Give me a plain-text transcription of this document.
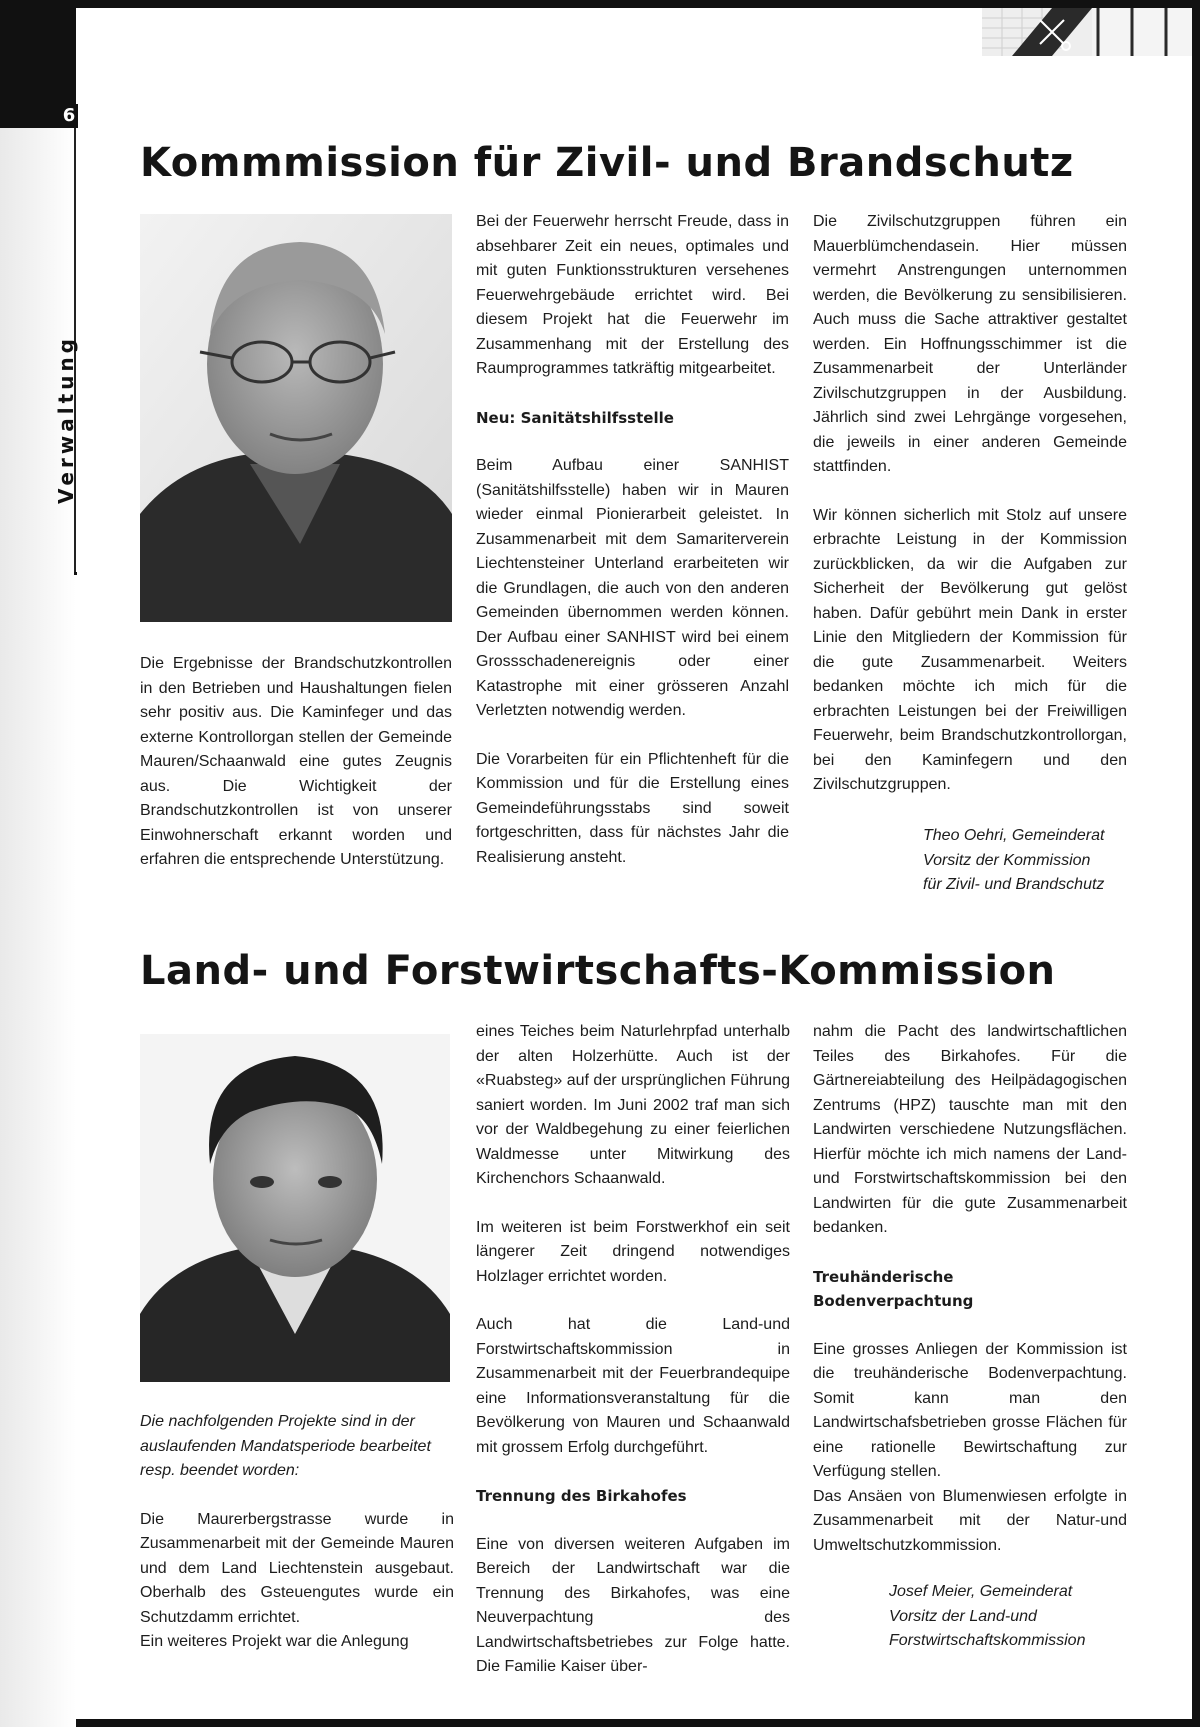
6
Verwaltung
Kommmission für Zivil- und Brandschutz

Die Ergebnisse der Brandschutzkontrollen in den Betrieben und Haushaltungen fielen sehr positiv aus. Die Kaminfeger und das externe Kontrollorgan stellen der Gemeinde Mauren/Schaanwald eine gutes Zeugnis aus. Die Wichtigkeit der Brandschutzkontrollen ist von unserer Einwohnerschaft erkannt worden und erfahren die entsprechende Unterstützung.

Bei der Feuerwehr herrscht Freude, dass in absehbarer Zeit ein neues, optimales und mit guten Funktionsstrukturen versehenes Feuerwehrgebäude errichtet wird. Bei diesem Projekt hat die Feuerwehr im Zusammenhang mit der Erstellung des Raumprogrammes tatkräftig mitgearbeitet.

Neu: Sanitätshilfsstelle

Beim Aufbau einer SANHIST (Sanitätshilfsstelle) haben wir in Mauren wieder einmal Pionierarbeit geleistet. In Zusammenarbeit mit dem Samariterverein Liechtensteiner Unterland erarbeiteten wir die Grundlagen, die auch von den anderen Gemeinden übernommen werden können. Der Aufbau einer SANHIST wird bei einem Grossschadenereignis oder einer Katastrophe mit einer grösseren Anzahl Verletzten notwendig werden.

Die Vorarbeiten für ein Pflichtenheft für die Kommission und für die Erstellung eines Gemeindeführungsstabs sind soweit fortgeschritten, dass für nächstes Jahr die Realisierung ansteht.

Die Zivilschutzgruppen führen ein Mauerblümchendasein. Hier müssen vermehrt Anstrengungen unternommen werden, die Bevölkerung zu sensibilisieren. Auch muss die Sache attraktiver gestaltet werden. Ein Hoffnungsschimmer ist die Zusammenarbeit der Unterländer Zivilschutzgruppen in der Ausbildung. Jährlich sind zwei Lehrgänge vorgesehen, die jeweils in einer anderen Gemeinde stattfinden.

Wir können sicherlich mit Stolz auf unsere erbrachte Leistung in der Kommission zurückblicken, da wir die Aufgaben zur Sicherheit der Bevölkerung gut gelöst haben. Dafür gebührt mein Dank in erster Linie den Mitgliedern der Kommission für die gute Zusammenarbeit. Weiters bedanken möchte ich mich für die erbrachten Leistungen bei der Freiwilligen Feuerwehr, beim Brandschutzkontrollorgan, bei den Kaminfegern und den Zivilschutzgruppen.

Theo Oehri, Gemeinderat
Vorsitz der Kommission
für Zivil- und Brandschutz
Land- und Forstwirtschafts-Kommission

Die nachfolgenden Projekte sind in der auslaufenden Mandatsperiode bearbeitet resp. beendet worden:

Die Maurerbergstrasse wurde in Zusammenarbeit mit der Gemeinde Mauren und dem Land Liechtenstein ausgebaut. Oberhalb des Gsteuengutes wurde ein Schutzdamm errichtet.

Ein weiteres Projekt war die Anlegung

eines Teiches beim Naturlehrpfad unterhalb der alten Holzerhütte. Auch ist der «Ruabsteg» auf der ursprünglichen Führung saniert worden. Im Juni 2002 traf man sich vor der Waldbegehung zu einer feierlichen Waldmesse unter Mitwirkung des Kirchenchors Schaanwald.

Im weiteren ist beim Forstwerkhof ein seit längerer Zeit dringend notwendiges Holzlager errichtet worden.

Auch hat die Land-und Forstwirtschaftskommission in Zusammenarbeit mit der Feuerbrandequipe eine Informationsveranstaltung für die Bevölkerung von Mauren und Schaanwald mit grossem Erfolg durchgeführt.

Trennung des Birkahofes

Eine von diversen weiteren Aufgaben im Bereich der Landwirtschaft war die Trennung des Birkahofes, was eine Neuverpachtung des Landwirtschaftsbetriebes zur Folge hatte. Die Familie Kaiser über-

nahm die Pacht des landwirtschaftlichen Teiles des Birkahofes. Für die Gärtnereiabteilung des Heilpädagogischen Zentrums (HPZ) tauschte man mit den Landwirten verschiedene Nutzungsflächen. Hierfür möchte ich mich namens der Land-und Forstwirtschaftskommission bei den Landwirten für die gute Zusammenarbeit bedanken.

Treuhänderische

Bodenverpachtung

Eine grosses Anliegen der Kommission ist die treuhänderische Bodenverpachtung. Somit kann man den Landwirtschafsbetrieben grosse Flächen für eine rationelle Bewirtschaftung zur Verfügung stellen.

Das Ansäen von Blumenwiesen erfolgte in Zusammenarbeit mit der Natur-und Umweltschutzkommission.

Josef Meier, Gemeinderat
Vorsitz der Land-und
Forstwirtschaftskommission
